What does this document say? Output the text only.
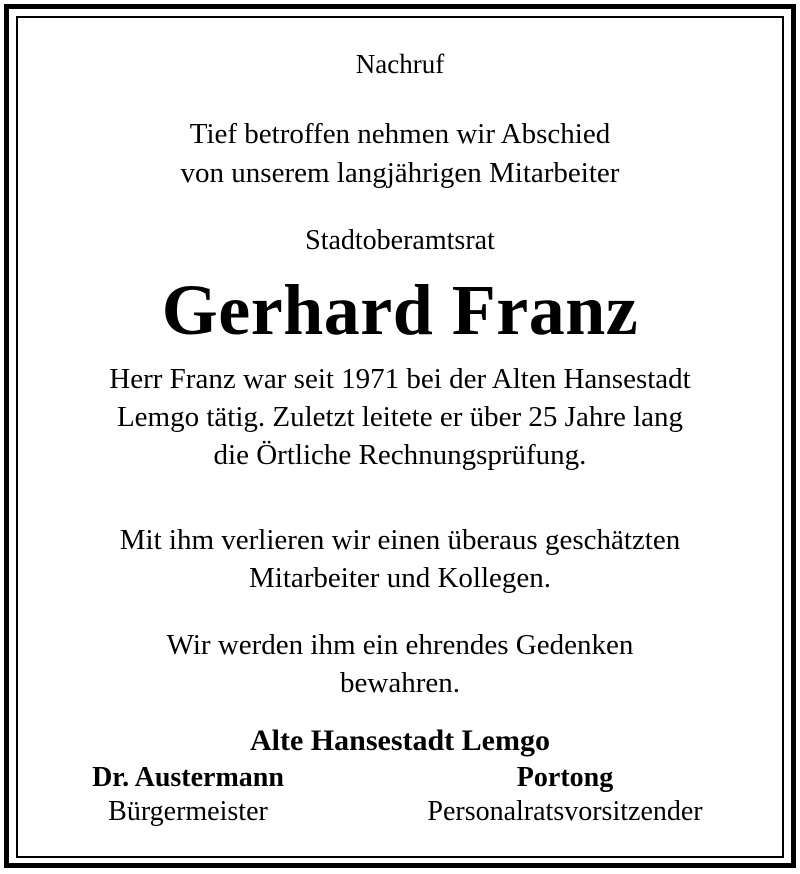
Nachruf
Tief betroffen nehmen wir Abschied
von unserem langjährigen Mitarbeiter
Stadtoberamtsrat
Gerhard Franz
Herr Franz war seit 1971 bei der Alten Hansestadt
Lemgo tätig. Zuletzt leitete er über 25 Jahre lang
die Örtliche Rechnungsprüfung.
Mit ihm verlieren wir einen überaus geschätzten
Mitarbeiter und Kollegen.
Wir werden ihm ein ehrendes Gedenken
bewahren.
Alte Hansestadt Lemgo
Dr. Austermann
Bürgermeister
Portong
Personalratsvorsitzender
